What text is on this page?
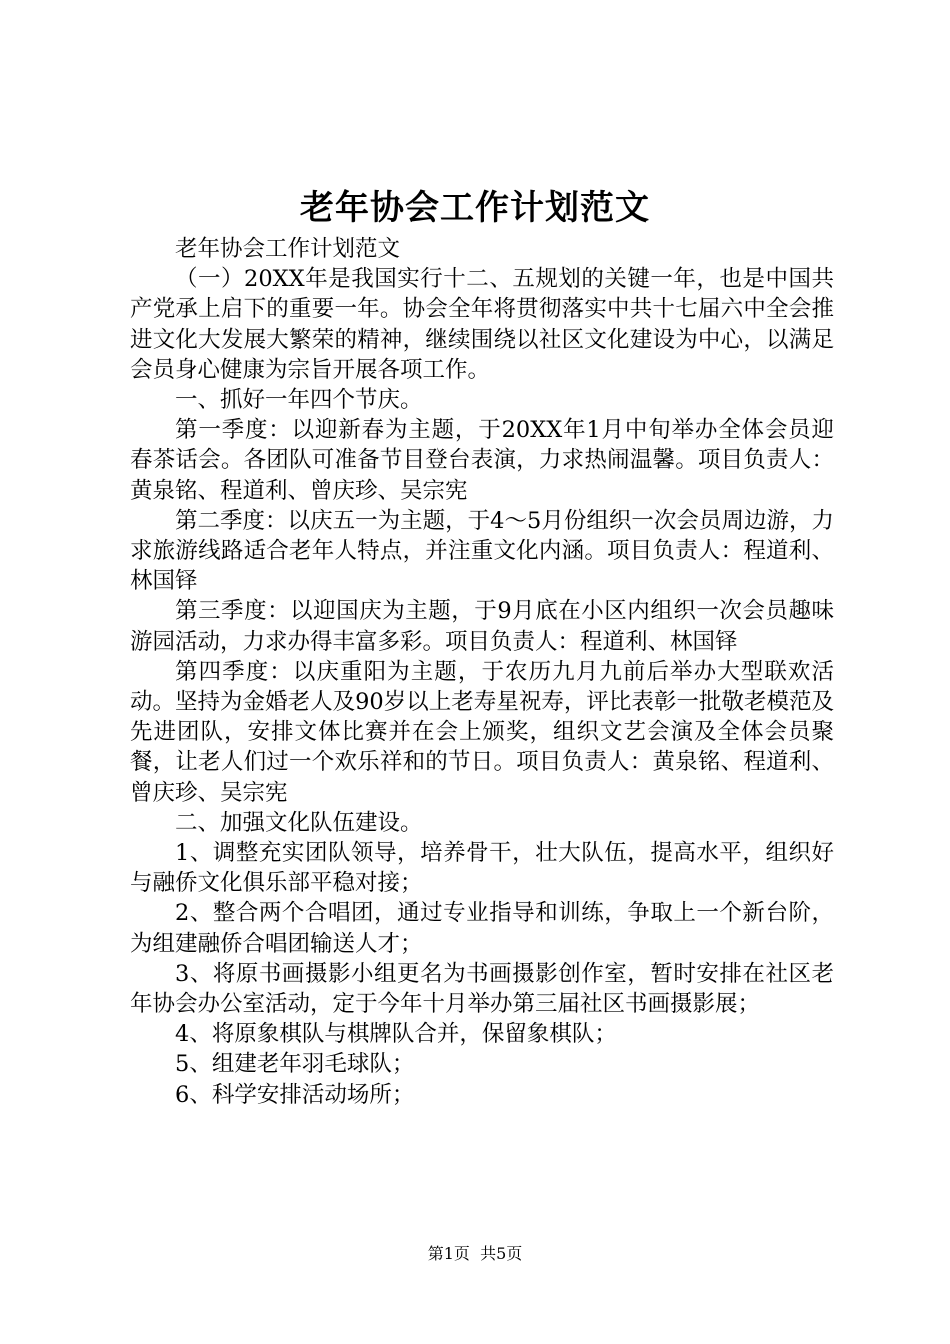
老年协会工作计划范文

老年协会工作计划范文

（一）20XX年是我国实行十二、五规划的关键一年，也是中国共产党承上启下的重要一年。协会全年将贯彻落实中共十七届六中全会推进文化大发展大繁荣的精神，继续围绕以社区文化建设为中心，以满足会员身心健康为宗旨开展各项工作。

一、抓好一年四个节庆。

第一季度：以迎新春为主题，于20XX年1月中旬举办全体会员迎春茶话会。各团队可准备节目登台表演，力求热闹温馨。项目负责人：黄泉铭、程道利、曾庆珍、吴宗宪

第二季度：以庆五一为主题，于4～5月份组织一次会员周边游，力求旅游线路适合老年人特点，并注重文化内涵。项目负责人：程道利、林国铎

第三季度：以迎国庆为主题，于9月底在小区内组织一次会员趣味游园活动，力求办得丰富多彩。项目负责人：程道利、林国铎

第四季度：以庆重阳为主题，于农历九月九前后举办大型联欢活动。坚持为金婚老人及90岁以上老寿星祝寿，评比表彰一批敬老模范及先进团队，安排文体比赛并在会上颁奖，组织文艺会演及全体会员聚餐，让老人们过一个欢乐祥和的节日。项目负责人：黄泉铭、程道利、曾庆珍、吴宗宪

二、加强文化队伍建设。

1、调整充实团队领导，培养骨干，壮大队伍，提高水平，组织好与融侨文化俱乐部平稳对接；

2、整合两个合唱团，通过专业指导和训练，争取上一个新台阶，为组建融侨合唱团输送人才；

3、将原书画摄影小组更名为书画摄影创作室，暂时安排在社区老年协会办公室活动，定于今年十月举办第三届社区书画摄影展；

4、将原象棋队与棋牌队合并，保留象棋队；

5、组建老年羽毛球队；

6、科学安排活动场所；

第1页  共5页
